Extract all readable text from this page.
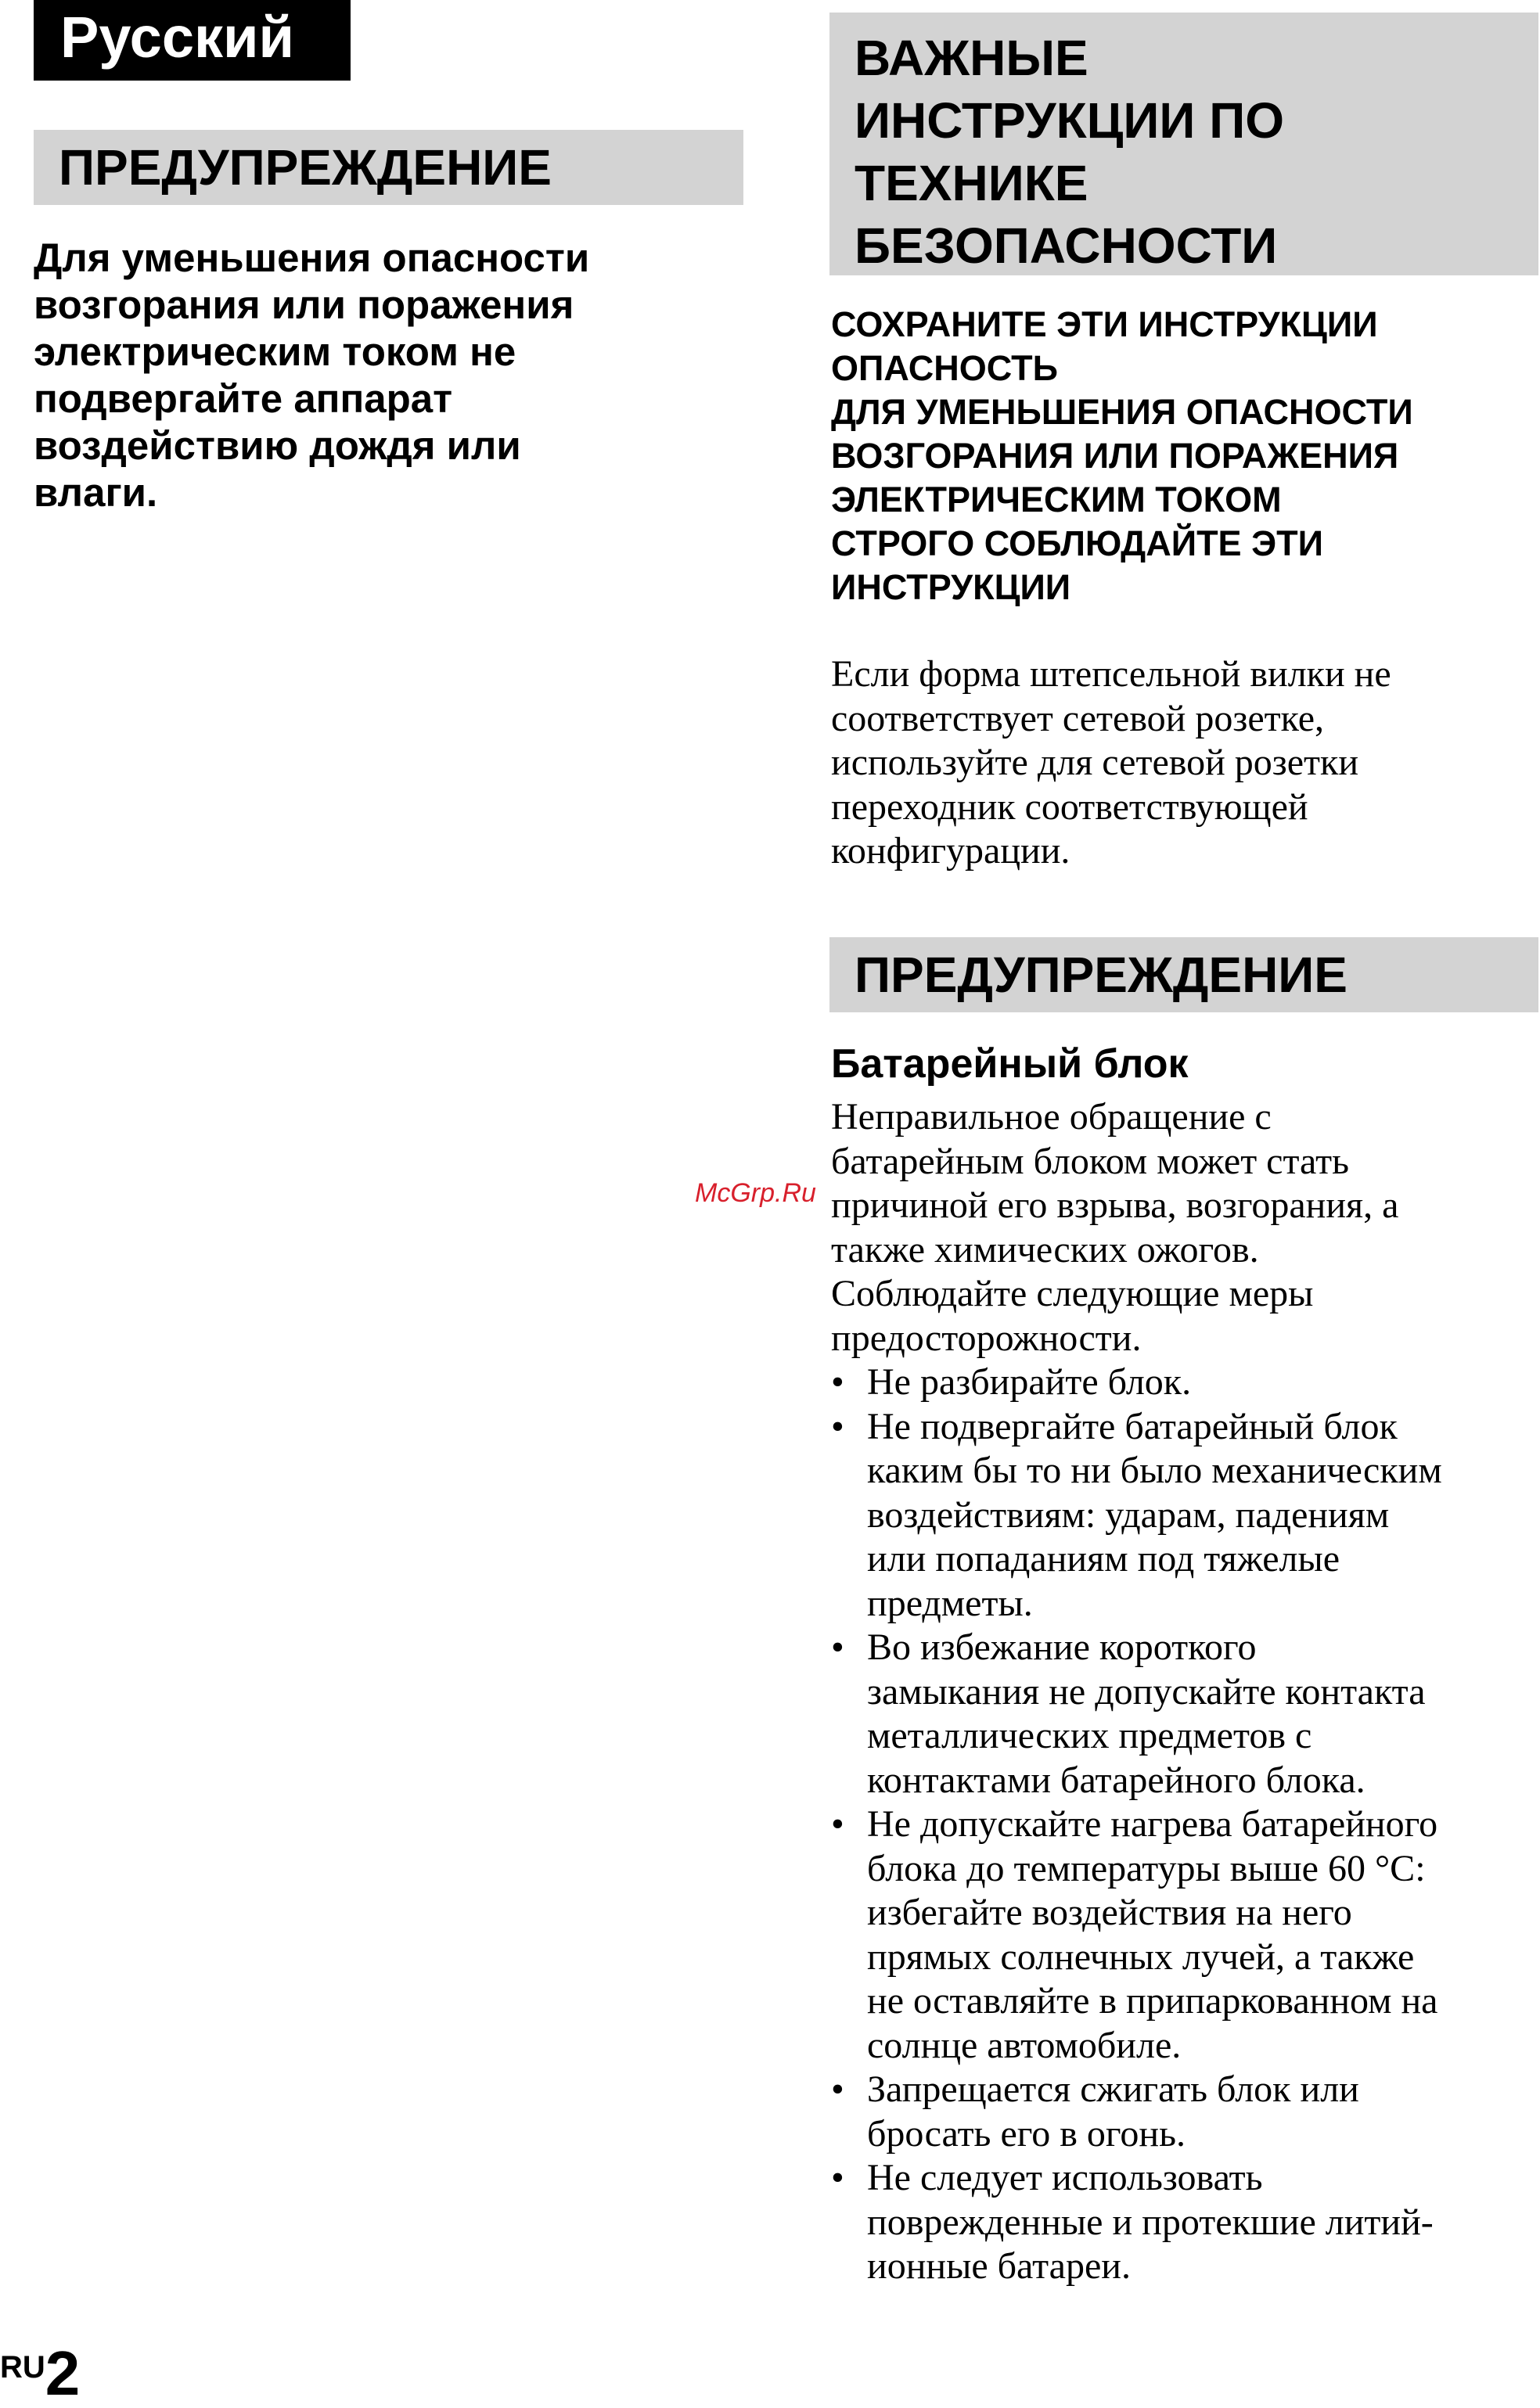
Русский
ПРЕДУПРЕЖДЕНИЕ
Для уменьшения опасности
возгорания или поражения
электрическим током не
подвергайте аппарат
воздействию дождя или
влаги.
ВАЖНЫЕ
ИНСТРУКЦИИ ПО
ТЕХНИКЕ
БЕЗОПАСНОСТИ
СОХРАНИТЕ ЭТИ ИНСТРУКЦИИ
ОПАСНОСТЬ
ДЛЯ УМЕНЬШЕНИЯ ОПАСНОСТИ
ВОЗГОРАНИЯ ИЛИ ПОРАЖЕНИЯ
ЭЛЕКТРИЧЕСКИМ ТОКОМ
СТРОГО СОБЛЮДАЙТЕ ЭТИ
ИНСТРУКЦИИ
Если форма штепсельной вилки не
соответствует сетевой розетке,
используйте для сетевой розетки
переходник соответствующей
конфигурации.
ПРЕДУПРЕЖДЕНИЕ
Батарейный блок
Неправильное обращение с
батарейным блоком может стать
причиной его взрыва, возгорания, а
также химических ожогов.
Соблюдайте следующие меры
предосторожности.
• Не разбирайте блок.
• Не подвергайте батарейный блок
каким бы то ни было механическим
воздействиям: ударам, падениям
или попаданиям под тяжелые
предметы.
• Во избежание короткого
замыкания не допускайте контакта
металлических предметов с
контактами батарейного блока.
• Не допускайте нагрева батарейного
блока до температуры выше 60 °C:
избегайте воздействия на него
прямых солнечных лучей, а также
не оставляйте в припаркованном на
солнце автомобиле.
• Запрещается сжигать блок или
бросать его в огонь.
• Не следует использовать
поврежденные и протекшие литий-
ионные батареи.
McGrp.Ru
RU2
